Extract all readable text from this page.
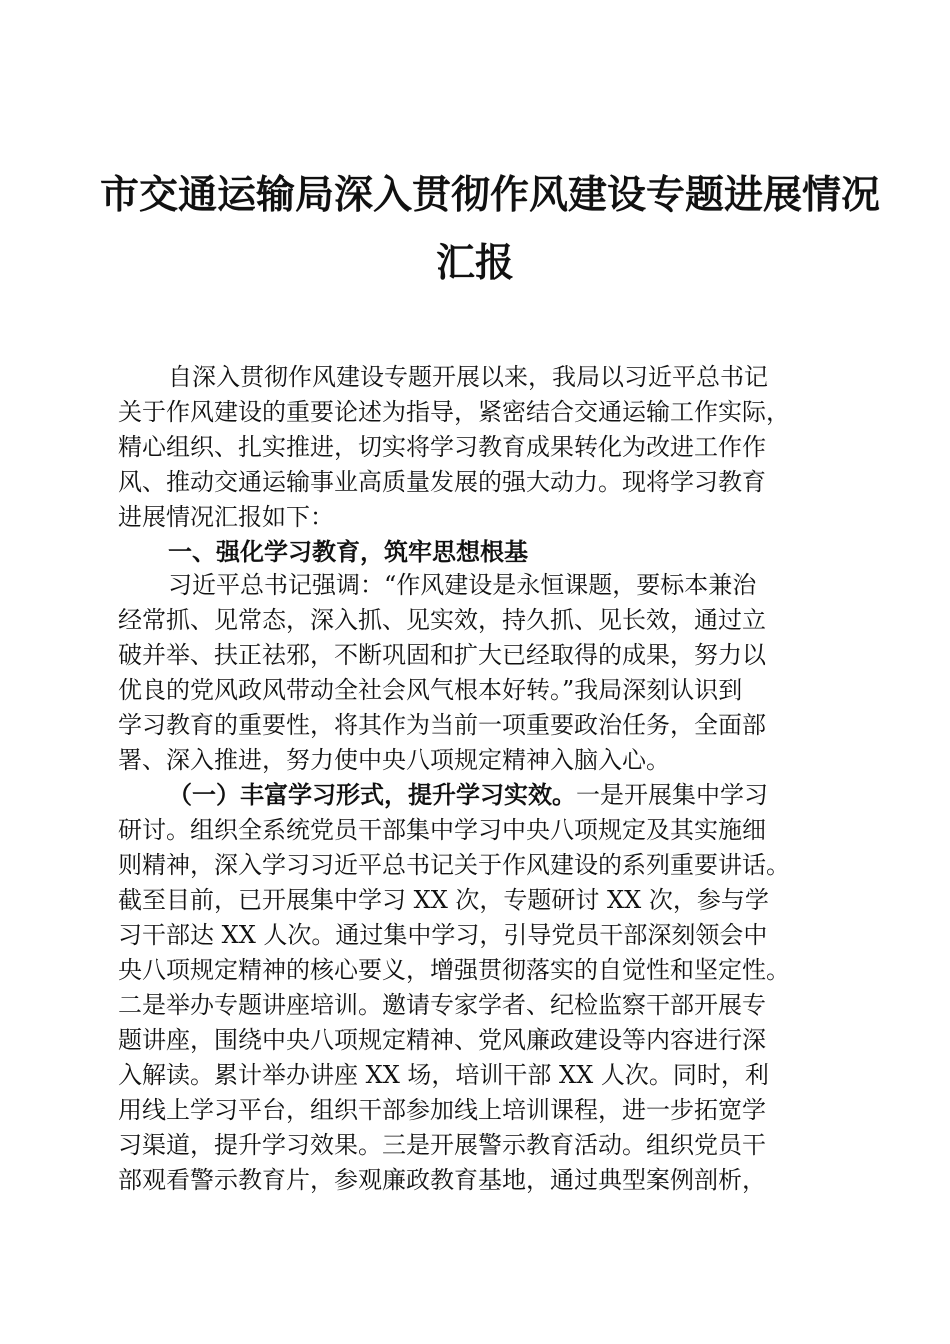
市交通运输局深入贯彻作风建设专题进展情况
汇报
自深入贯彻作风建设专题开展以来，我局以习近平总书记
关于作风建设的重要论述为指导，紧密结合交通运输工作实际，
精心组织、扎实推进，切实将学习教育成果转化为改进工作作
风、推动交通运输事业高质量发展的强大动力。现将学习教育
进展情况汇报如下：
一、强化学习教育，筑牢思想根基
习近平总书记强调：“作风建设是永恒课题，要标本兼治
经常抓、见常态，深入抓、见实效，持久抓、见长效，通过立
破并举、扶正祛邪，不断巩固和扩大已经取得的成果，努力以
优良的党风政风带动全社会风气根本好转。”我局深刻认识到
学习教育的重要性，将其作为当前一项重要政治任务，全面部
署、深入推进，努力使中央八项规定精神入脑入心。
（一）丰富学习形式，提升学习实效。一是开展集中学习
研讨。组织全系统党员干部集中学习中央八项规定及其实施细
则精神，深入学习习近平总书记关于作风建设的系列重要讲话。
截至目前，已开展集中学习 XX 次，专题研讨 XX 次，参与学
习干部达 XX 人次。通过集中学习，引导党员干部深刻领会中
央八项规定精神的核心要义，增强贯彻落实的自觉性和坚定性。
二是举办专题讲座培训。邀请专家学者、纪检监察干部开展专
题讲座，围绕中央八项规定精神、党风廉政建设等内容进行深
入解读。累计举办讲座 XX 场，培训干部 XX 人次。同时，利
用线上学习平台，组织干部参加线上培训课程，进一步拓宽学
习渠道，提升学习效果。三是开展警示教育活动。组织党员干
部观看警示教育片，参观廉政教育基地，通过典型案例剖析，
